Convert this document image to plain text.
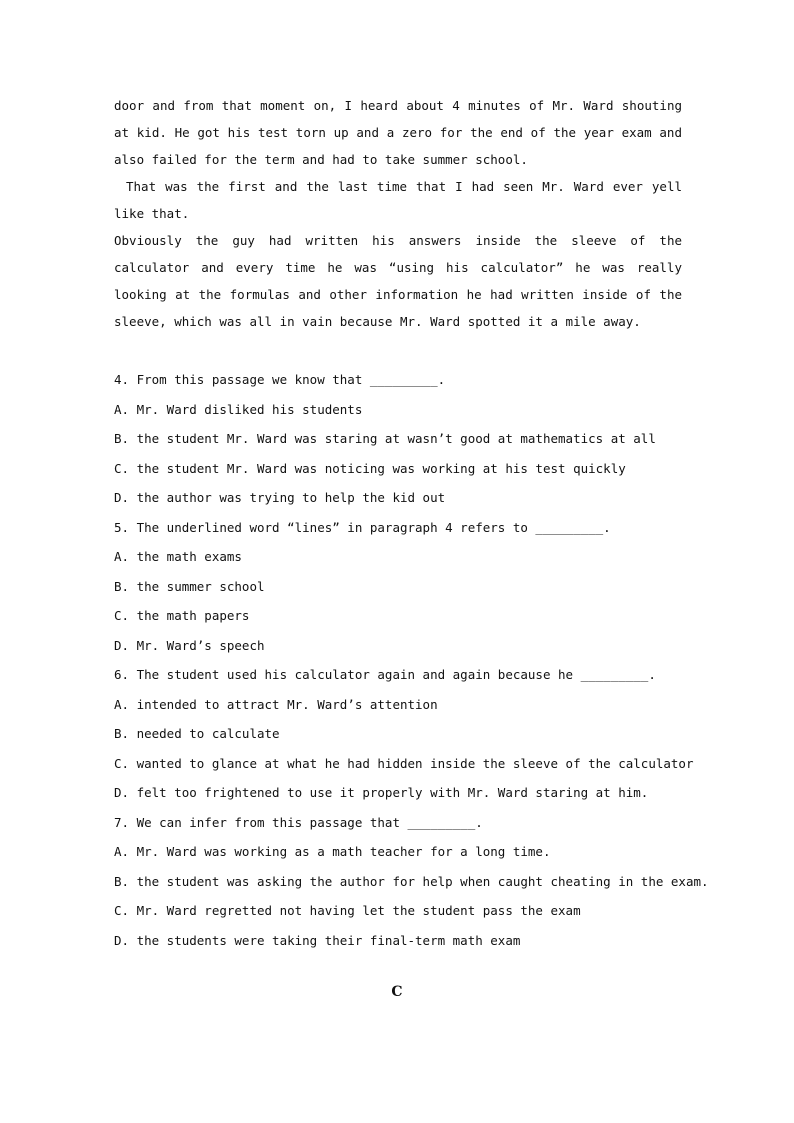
door and from that moment on, I heard about 4 minutes of Mr. Ward shouting at kid. He got his test torn up and a zero for the end of the year exam and also failed for the term and had to take summer school.

That was the first and the last time that I had seen Mr. Ward ever yell like that.

Obviously the guy had written his answers inside the sleeve of the calculator and every time he was “using his calculator” he was really looking at the formulas and other information he had written inside of the sleeve, which was all in vain because Mr. Ward spotted it a mile away.

4. From this passage we know that _________.

A. Mr. Ward disliked his students

B. the student Mr. Ward was staring at wasn’t good at mathematics at all

C. the student Mr. Ward was noticing was working at his test quickly

D. the author was trying to help the kid out

5. The underlined word “lines” in paragraph 4 refers to _________.

A. the math exams

B. the summer school

C. the math papers

D. Mr. Ward’s speech

6. The student used his calculator again and again because he _________.

A. intended to attract Mr. Ward’s attention

B. needed to calculate

C. wanted to glance at what he had hidden inside the sleeve of the calculator

D. felt too frightened to use it properly with Mr. Ward staring at him.

7. We can infer from this passage that _________.

A. Mr. Ward was working as a math teacher for a long time.

B. the student was asking the author for help when caught cheating in the exam.

C. Mr. Ward regretted not having let the student pass the exam

D. the students were taking their final-term math exam

C
